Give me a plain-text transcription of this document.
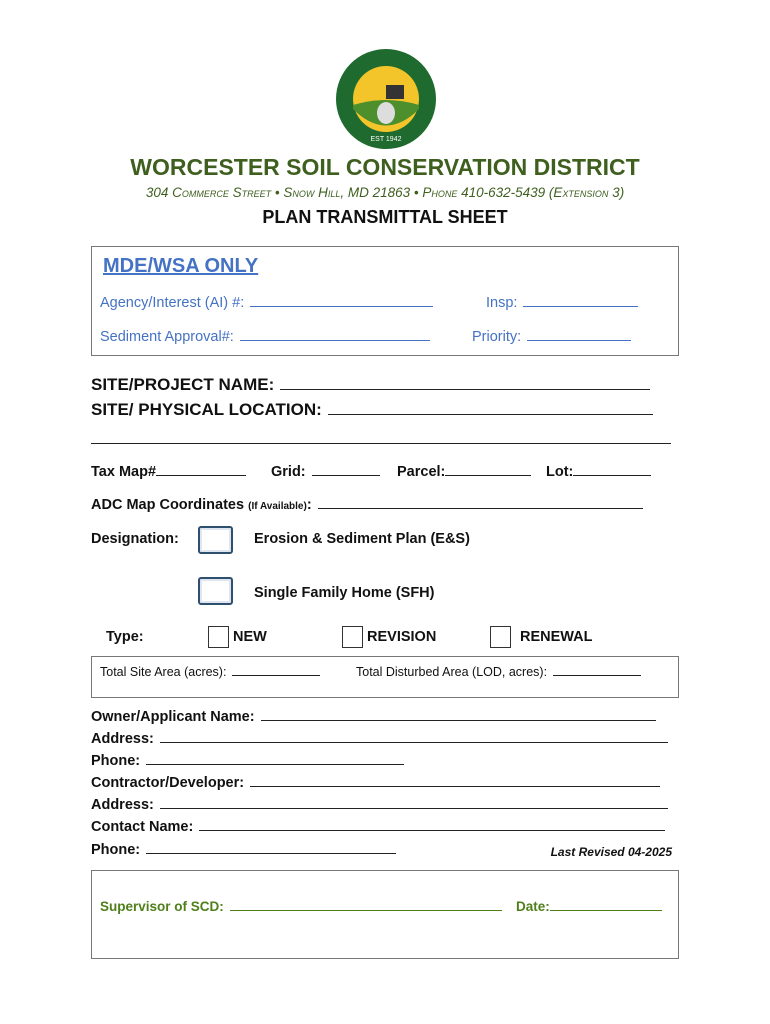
EST 1942
WORCESTER SOIL CONSERVATION DISTRICT
304 Commerce Street • Snow Hill, MD 21863 • Phone 410-632-5439 (Extension 3)
PLAN TRANSMITTAL SHEET
MDE/WSA ONLY
Agency/Interest (AI) #:	Insp:
Sediment Approval#:	Priority:
SITE/PROJECT NAME:
SITE/ PHYSICAL LOCATION:
Tax Map#	Grid:	Parcel:	Lot:
ADC Map Coordinates (If Available):
Designation:	Erosion & Sediment Plan (E&S)
Single Family Home (SFH)
Type:	NEW	REVISION	RENEWAL
Total Site Area (acres):	Total Disturbed Area (LOD, acres):
Owner/Applicant Name:
Address:
Phone:
Contractor/Developer:
Address:
Contact Name:
Phone:	Last Revised 04-2025
Supervisor of SCD:	Date:
